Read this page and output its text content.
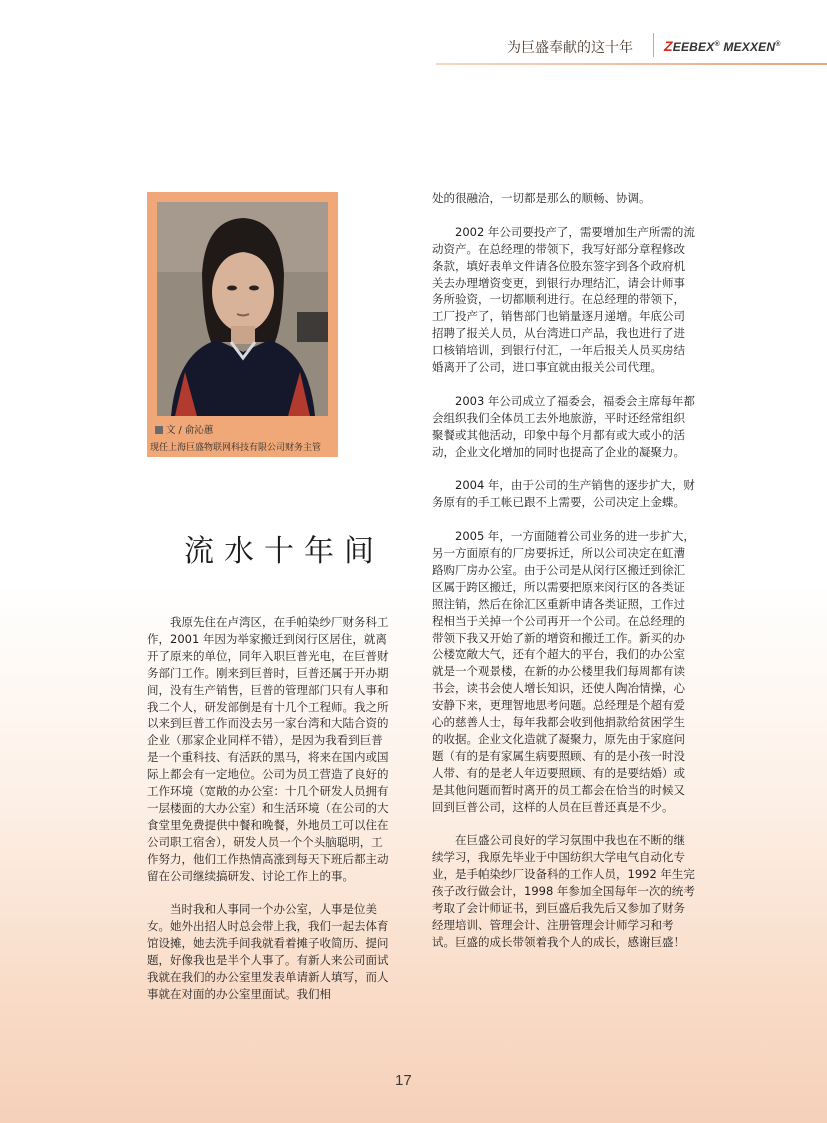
为巨盛奉献的这十年 ZEEBEX® MEXXEN®
文 / 俞沁蕙
现任上海巨盛物联网科技有限公司财务主管
流水十年间

我原先住在卢湾区，在手帕染纱厂财务科工作，2001 年因为举家搬迁到闵行区居住，就离开了原来的单位，同年入职巨普光电，在巨普财务部门工作。刚来到巨普时，巨普还属于开办期间，没有生产销售，巨普的管理部门只有人事和我二个人，研发部倒是有十几个工程师。我之所以来到巨普工作而没去另一家台湾和大陆合资的企业（那家企业同样不错），是因为我看到巨普是一个重科技、有活跃的黑马，将来在国内或国际上都会有一定地位。公司为员工营造了良好的工作环境（宽敞的办公室：十几个研发人员拥有一层楼面的大办公室）和生活环境（在公司的大食堂里免费提供中餐和晚餐，外地员工可以住在公司职工宿舍），研发人员一个个头脑聪明，工作努力，他们工作热情高涨到每天下班后都主动留在公司继续搞研发、讨论工作上的事。

当时我和人事同一个办公室，人事是位美女。她外出招人时总会带上我，我们一起去体育馆设摊，她去洗手间我就看着摊子收简历、提问题，好像我也是半个人事了。有新人来公司面试我就在我们的办公室里发表单请新人填写，而人事就在对面的办公室里面试。我们相

处的很融洽，一切都是那么的顺畅、协调。

2002 年公司要投产了，需要增加生产所需的流动资产。在总经理的带领下，我写好部分章程修改条款，填好表单文件请各位股东签字到各个政府机关去办理增资变更，到银行办理结汇，请会计师事务所验资，一切都顺利进行。在总经理的带领下，工厂投产了，销售部门也销量逐月递增。年底公司招聘了报关人员，从台湾进口产品，我也进行了进口核销培训，到银行付汇，一年后报关人员买房结婚离开了公司，进口事宜就由报关公司代理。

2003 年公司成立了福委会，福委会主席每年都会组织我们全体员工去外地旅游，平时还经常组织聚餐或其他活动，印象中每个月都有或大或小的活动，企业文化增加的同时也提高了企业的凝聚力。

2004 年，由于公司的生产销售的逐步扩大，财务原有的手工帐已跟不上需要，公司决定上金蝶。

2005 年，一方面随着公司业务的进一步扩大，另一方面原有的厂房要拆迁，所以公司决定在虹漕路购厂房办公室。由于公司是从闵行区搬迁到徐汇区属于跨区搬迁，所以需要把原来闵行区的各类证照注销，然后在徐汇区重新申请各类证照，工作过程相当于关掉一个公司再开一个公司。在总经理的带领下我又开始了新的增资和搬迁工作。新买的办公楼宽敞大气，还有个超大的平台，我们的办公室就是一个观景楼，在新的办公楼里我们每周都有读书会，读书会使人增长知识，还使人陶冶情操，心安静下来，更理智地思考问题。总经理是个超有爱心的慈善人士，每年我都会收到他捐款给贫困学生的收据。企业文化造就了凝聚力，原先由于家庭问题（有的是有家属生病要照顾、有的是小孩一时没人带、有的是老人年迈要照顾、有的是要结婚）或是其他问题而暂时离开的员工都会在恰当的时候又回到巨普公司，这样的人员在巨普还真是不少。

在巨盛公司良好的学习氛围中我也在不断的继续学习，我原先毕业于中国纺织大学电气自动化专业，是手帕染纱厂设备科的工作人员，1992 年生完孩子改行做会计，1998 年参加全国每年一次的统考考取了会计师证书，到巨盛后我先后又参加了财务经理培训、管理会计、注册管理会计师学习和考试。巨盛的成长带领着我个人的成长，感谢巨盛！

17
